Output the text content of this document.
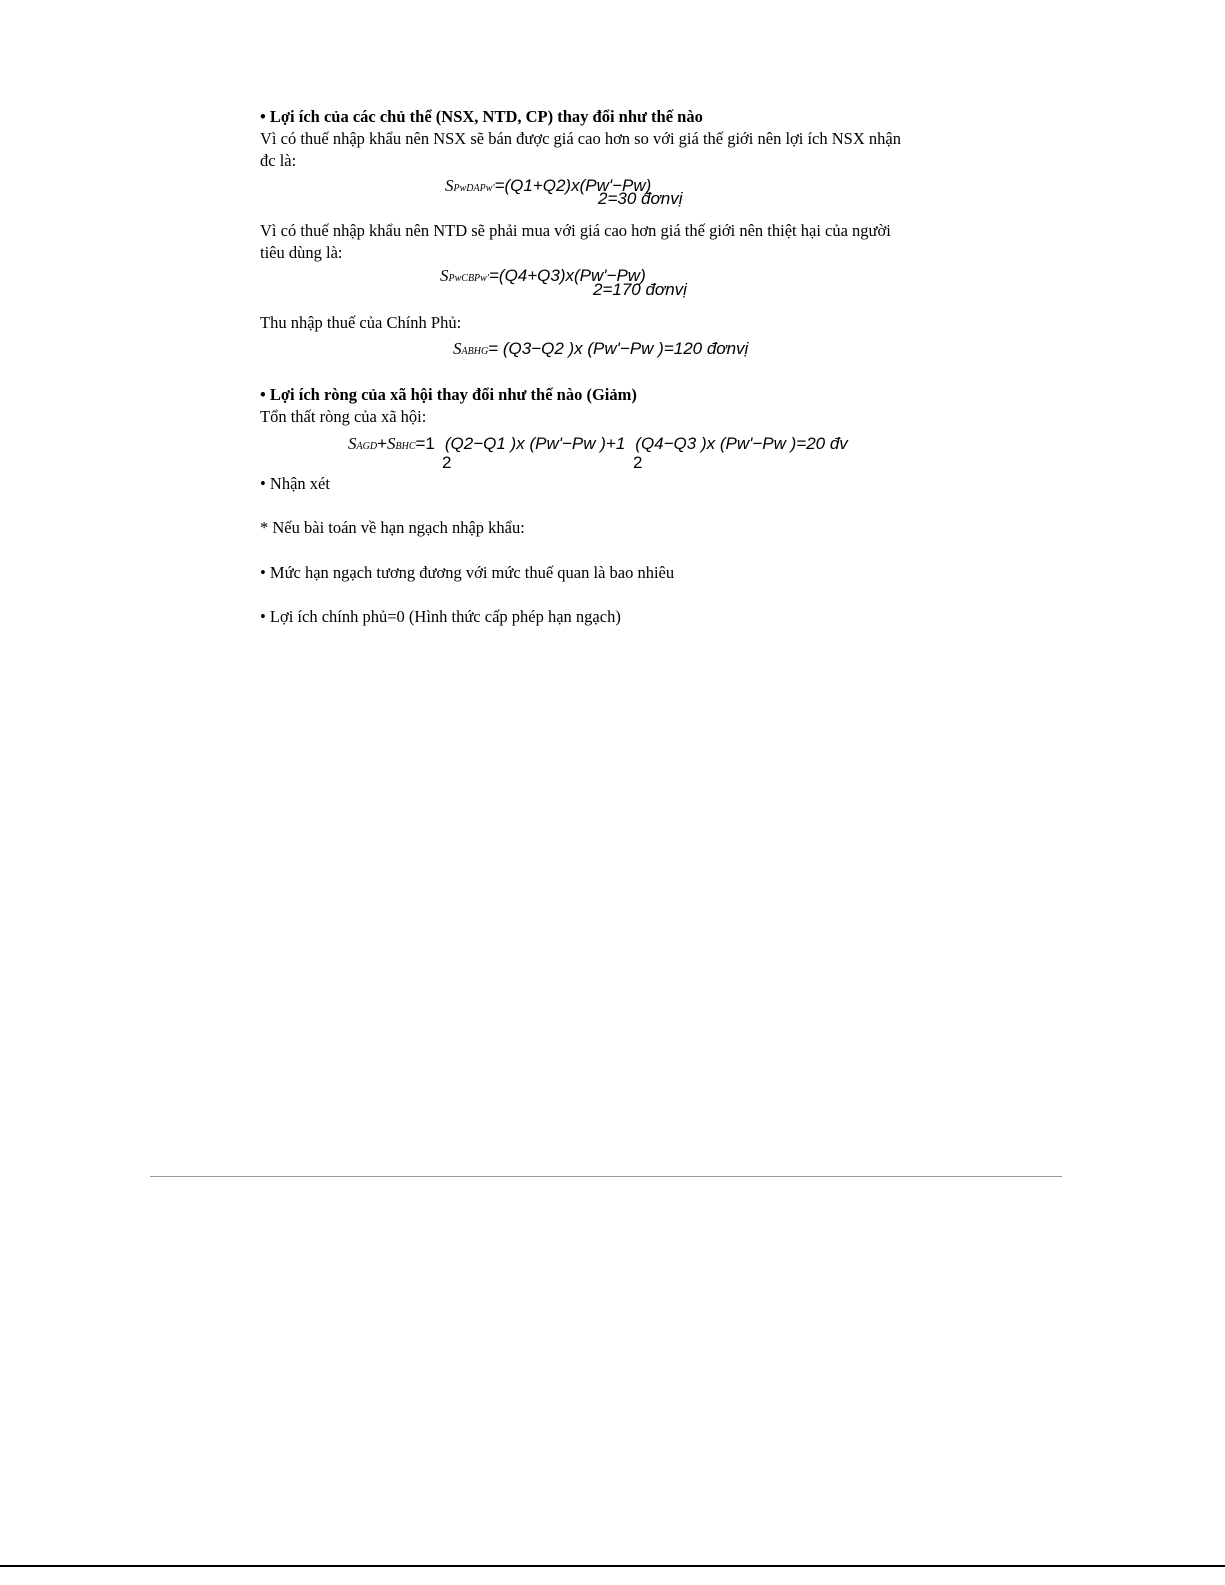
• Lợi ích của các chủ thể (NSX, NTD, CP) thay đổi như thế nào
Vì có thuế nhập khẩu nên NSX sẽ bán được giá cao hơn so với giá thế giới nên lợi ích NSX nhận
đc là:
SPwDAPw'=(Q1+Q2)x(Pw'−Pw)
2=30 đơnvị
Vì có thuế nhập khẩu nên NTD sẽ phải mua với giá cao hơn giá thế giới nên thiệt hại của người
tiêu dùng là:
SPwCBPw'=(Q4+Q3)x(Pw'−Pw)
2=170 đơnvị
Thu nhập thuế của Chính Phủ:
SABHG= (Q3−Q2 )x (Pw'−Pw )=120 đơnvị
• Lợi ích ròng của xã hội thay đổi như thế nào (Giảm)
Tổn thất ròng của xã hội:
SAGD+SBHC=1 (Q2−Q1 )x (Pw'−Pw )+1 (Q4−Q3 )x (Pw'−Pw )=20 đv
2	2
• Nhận xét
* Nếu bài toán về hạn ngạch nhập khẩu:
• Mức hạn ngạch tương đương với mức thuế quan là bao nhiêu
• Lợi ích chính phủ=0 (Hình thức cấp phép hạn ngạch)
